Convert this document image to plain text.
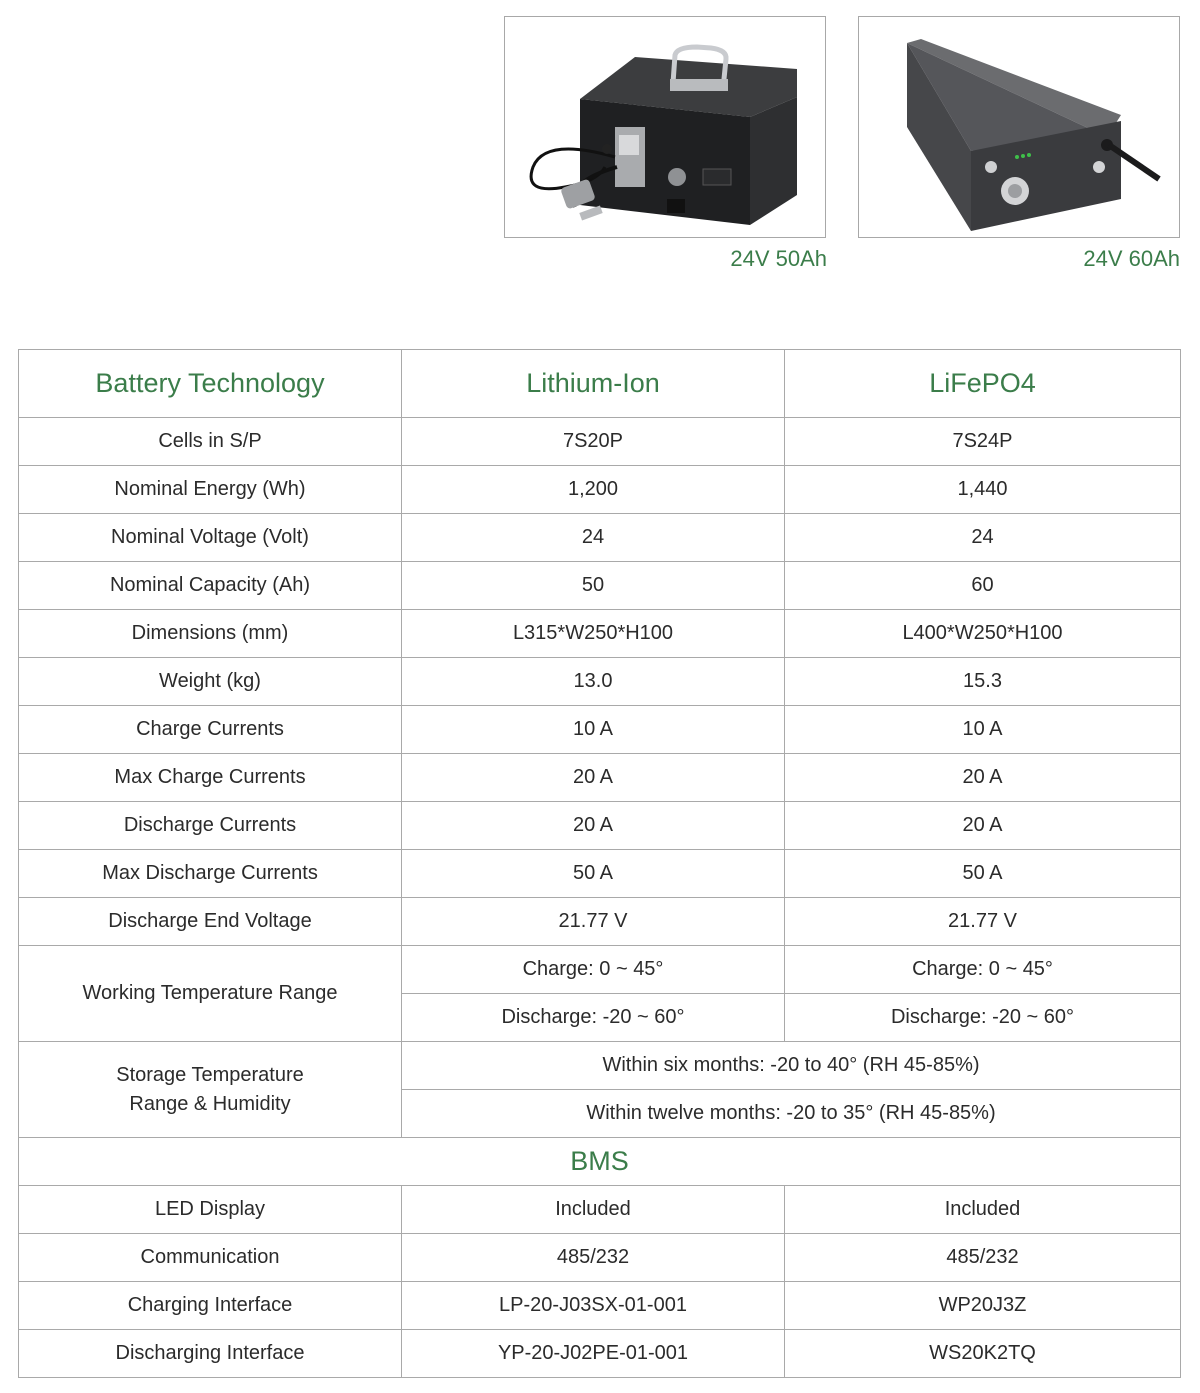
24V 50Ah	24V 60Ah
Battery Technology	Lithium-Ion	LiFePO4
Cells in S/P	7S20P	7S24P
Nominal Energy (Wh)	1,200	1,440
Nominal Voltage (Volt)	24	24
Nominal Capacity (Ah)	50	60
Dimensions (mm)	L315*W250*H100	L400*W250*H100
Weight (kg)	13.0	15.3
Charge Currents	10 A	10 A
Max Charge Currents	20 A	20 A
Discharge Currents	20 A	20 A
Max Discharge Currents	50 A	50 A
Discharge End Voltage	21.77 V	21.77 V
Working Temperature Range	Charge: 0 ~ 45°	Charge: 0 ~ 45°
	Discharge: -20 ~ 60°	Discharge: -20 ~ 60°
Storage Temperature
Range & Humidity	Within six months: -20 to 40° (RH 45-85%)	
	Within twelve months: -20 to 35° (RH 45-85%)	
BMS		
LED Display	Included	Included
Communication	485/232	485/232
Charging Interface	LP-20-J03SX-01-001	WP20J3Z
Discharging Interface	YP-20-J02PE-01-001	WS20K2TQ
